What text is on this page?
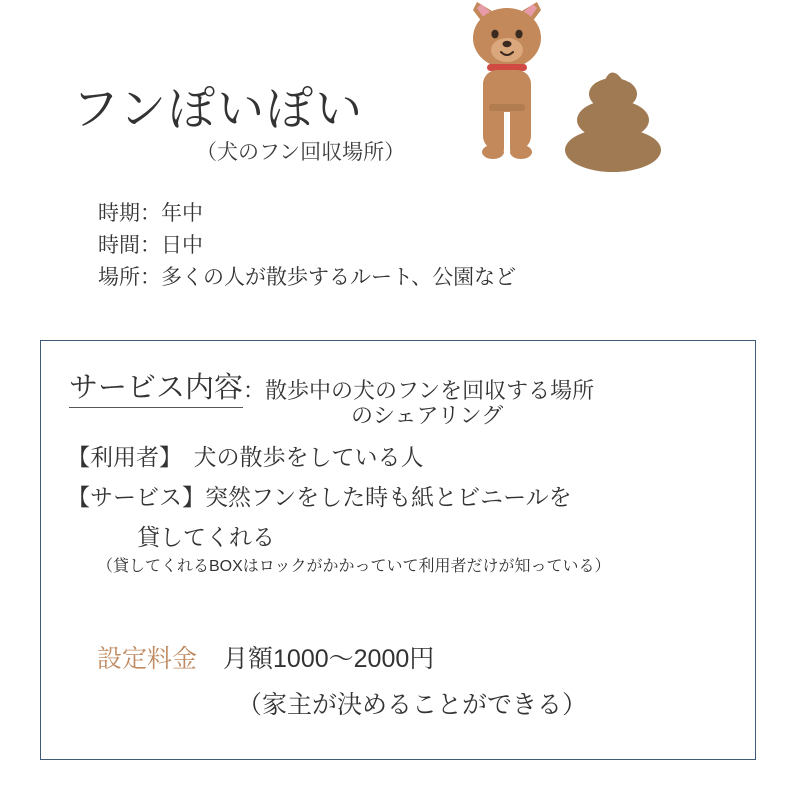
フンぽいぽい
（犬のフン回収場所）
時期：年中
時間：日中
場所：多くの人が散歩するルート、公園など
サービス内容 ： 散歩中の犬のフンを回収する場所
のシェアリング
【利用者】　犬の散歩をしている人
【サービス】突然フンをした時も紙とビニールを
貸してくれる
（貸してくれるBOXはロックがかかっていて利用者だけが知っている）
設定料金 月額1000〜2000円
（家主が決めることができる）
